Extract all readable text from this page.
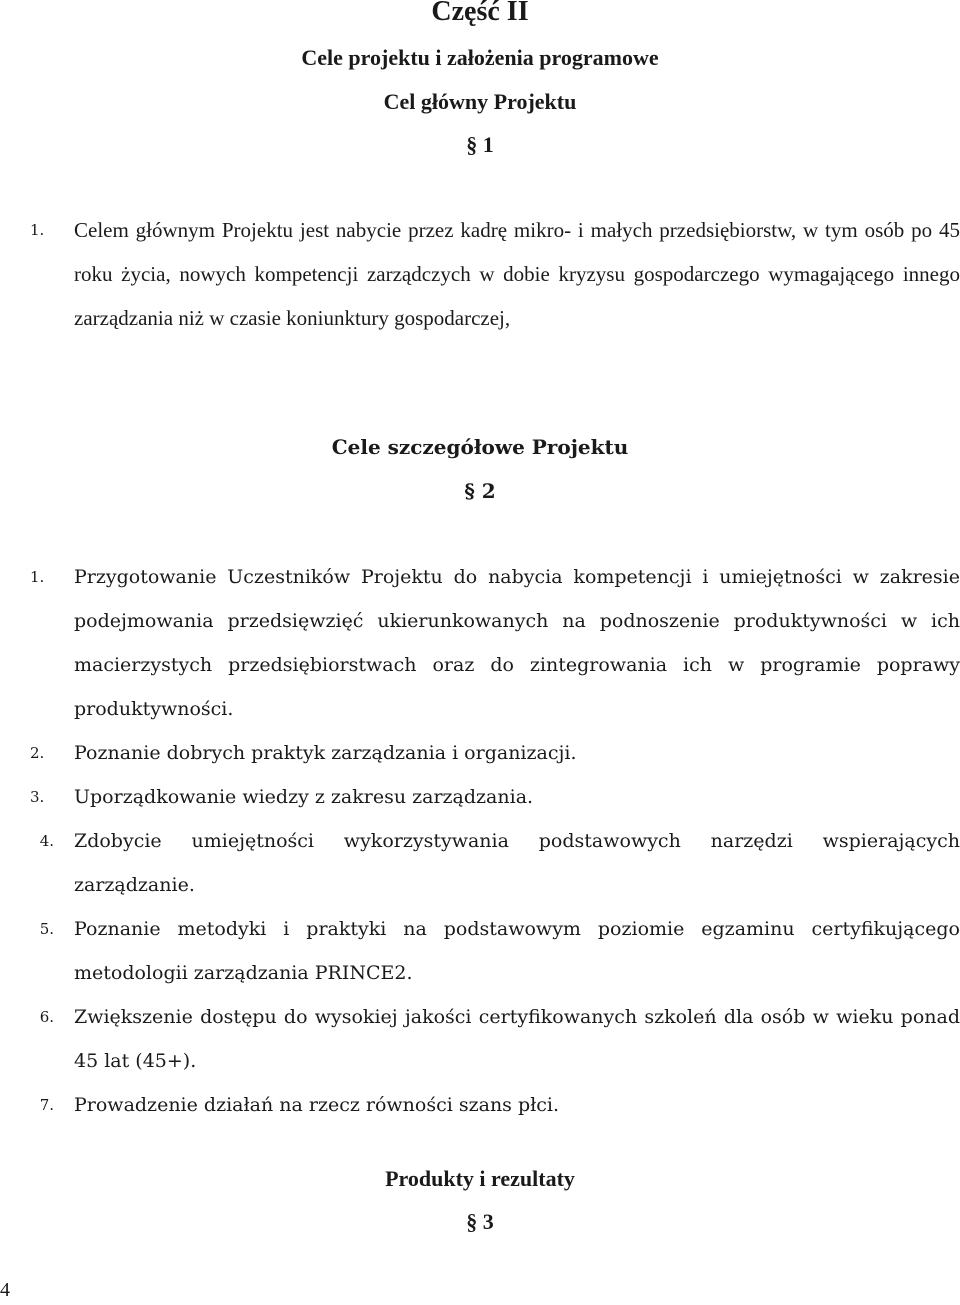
Część II
Cele projektu i założenia programowe
Cel główny Projektu
§ 1
1.	Celem głównym Projektu jest nabycie przez kadrę mikro- i małych przedsiębiorstw, w tym osób po 45 roku życia, nowych kompetencji zarządczych w dobie kryzysu gospodarczego wymagającego innego zarządzania niż w czasie koniunktury gospodarczej,
Cele szczegółowe Projektu
§ 2
1.	Przygotowanie Uczestników Projektu do nabycia kompetencji i umiejętności w zakresie podejmowania przedsięwzięć ukierunkowanych na podnoszenie produktywności w ich macierzystych przedsiębiorstwach oraz do zintegrowania ich w programie poprawy produktywności.
2.	Poznanie dobrych praktyk zarządzania i organizacji.
3.	Uporządkowanie wiedzy z zakresu zarządzania.
4. Zdobycie umiejętności wykorzystywania podstawowych narzędzi wspierających zarządzanie.
5. Poznanie metodyki i praktyki na podstawowym poziomie egzaminu certyfikującego metodologii zarządzania PRINCE2.
6. Zwiększenie dostępu do wysokiej jakości certyfikowanych szkoleń dla osób w wieku ponad 45 lat (45+).
7. Prowadzenie działań na rzecz równości szans płci.
Produkty i rezultaty
§ 3
4
